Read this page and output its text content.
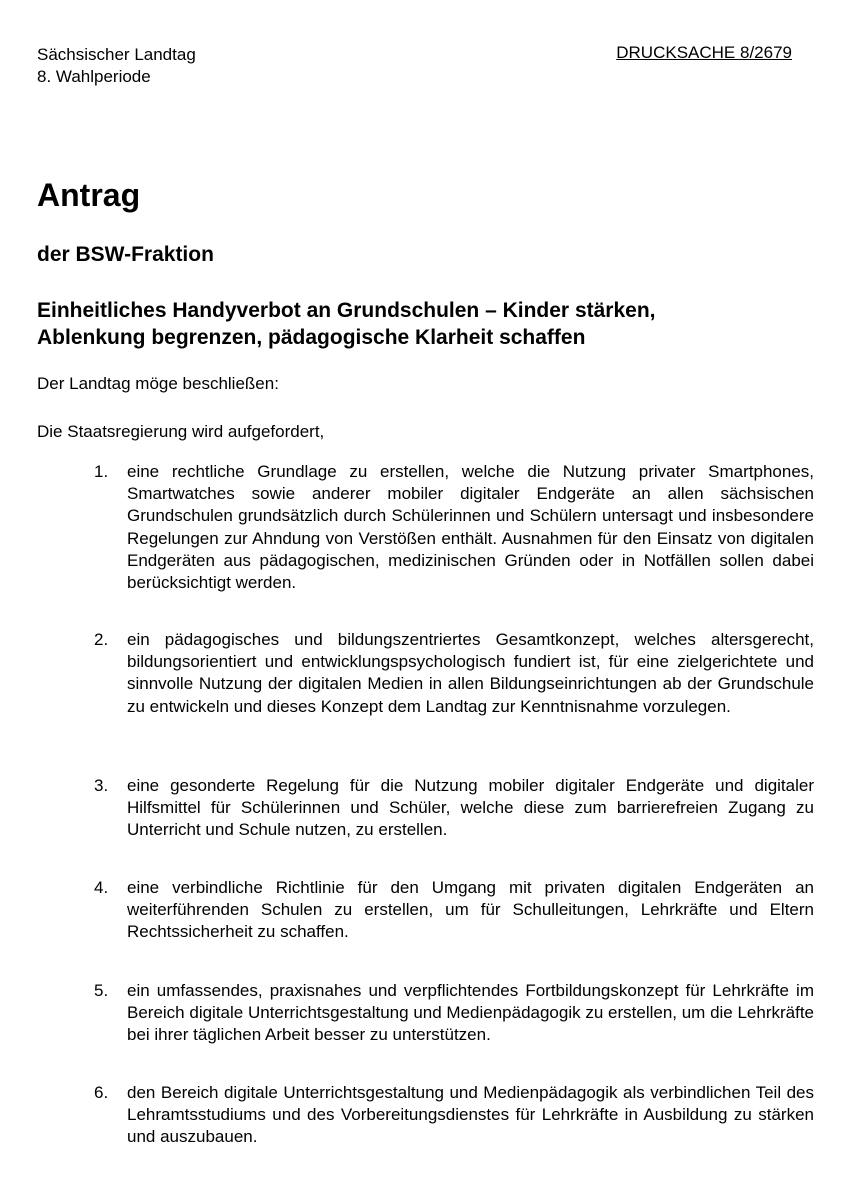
Sächsischer Landtag
8. Wahlperiode
DRUCKSACHE 8/2679
Antrag
der BSW-Fraktion
Einheitliches Handyverbot an Grundschulen – Kinder stärken,
Ablenkung begrenzen, pädagogische Klarheit schaffen
Der Landtag möge beschließen:
Die Staatsregierung wird aufgefordert,
1.	eine rechtliche Grundlage zu erstellen, welche die Nutzung privater Smartphones, Smartwatches sowie anderer mobiler digitaler Endgeräte an allen sächsischen Grundschulen grundsätzlich durch Schülerinnen und Schülern untersagt und insbesondere Regelungen zur Ahndung von Verstößen enthält. Ausnahmen für den Einsatz von digitalen Endgeräten aus pädagogischen, medizinischen Gründen oder in Notfällen sollen dabei berücksichtigt werden.
2.	ein pädagogisches und bildungszentriertes Gesamtkonzept, welches altersgerecht, bildungsorientiert und entwicklungspsychologisch fundiert ist, für eine zielgerichtete und sinnvolle Nutzung der digitalen Medien in allen Bildungseinrichtungen ab der Grundschule zu entwickeln und dieses Konzept dem Landtag zur Kenntnisnahme vorzulegen.
3.	eine gesonderte Regelung für die Nutzung mobiler digitaler Endgeräte und digitaler Hilfsmittel für Schülerinnen und Schüler, welche diese zum barrierefreien Zugang zu Unterricht und Schule nutzen, zu erstellen.
4.	eine verbindliche Richtlinie für den Umgang mit privaten digitalen Endgeräten an weiterführenden Schulen zu erstellen, um für Schulleitungen, Lehrkräfte und Eltern Rechtssicherheit zu schaffen.
5.	ein umfassendes, praxisnahes und verpflichtendes Fortbildungskonzept für Lehrkräfte im Bereich digitale Unterrichtsgestaltung und Medienpädagogik zu erstellen, um die Lehrkräfte bei ihrer täglichen Arbeit besser zu unterstützen.
6.	den Bereich digitale Unterrichtsgestaltung und Medienpädagogik als verbindlichen Teil des Lehramtsstudiums und des Vorbereitungsdienstes für Lehrkräfte in Ausbildung zu stärken und auszubauen.
